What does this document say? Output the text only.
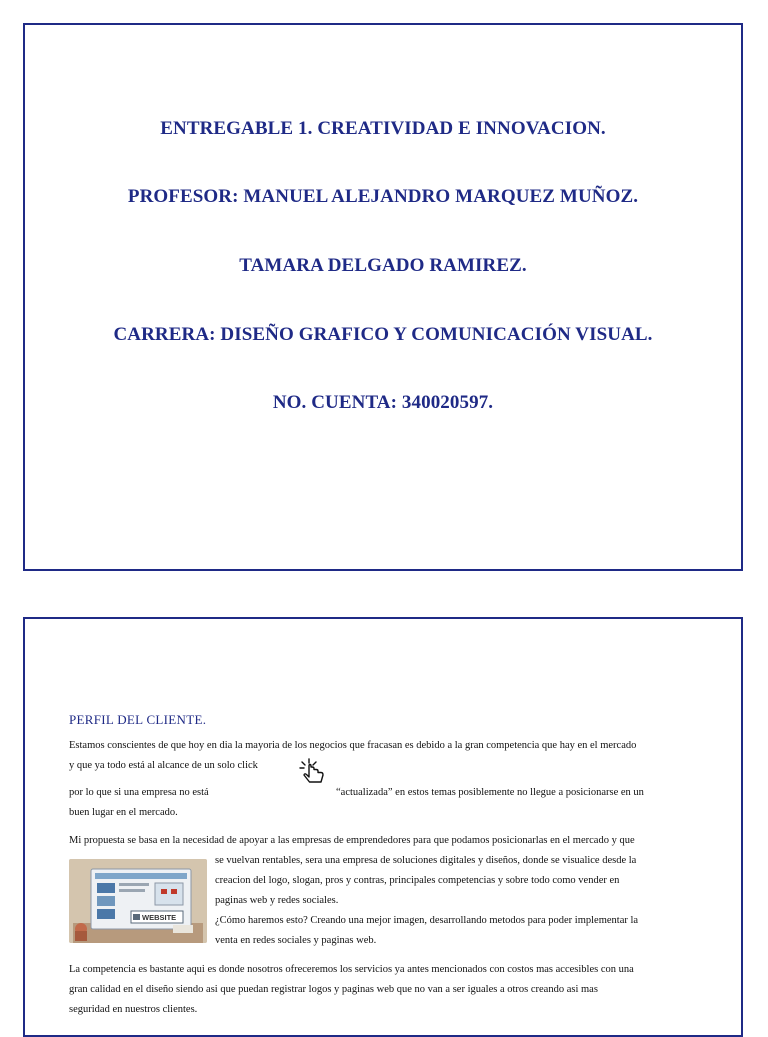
ENTREGABLE 1. CREATIVIDAD E INNOVACION.
PROFESOR: MANUEL ALEJANDRO MARQUEZ MUÑOZ.
TAMARA DELGADO RAMIREZ.
CARRERA: DISEÑO GRAFICO Y COMUNICACIÓN VISUAL.
NO. CUENTA: 340020597.
PERFIL DEL CLIENTE.
Estamos conscientes de que hoy en dia la mayoria de los negocios que fracasan es debido a la gran competencia que hay en el mercado
y que ya todo está al alcance de un solo click
por lo que si una empresa no está	“actualizada” en estos temas posiblemente no llegue a posicionarse en un
buen lugar en el mercado.
Mi propuesta se basa en la necesidad de apoyar a las empresas de emprendedores para que podamos posicionarlas en el mercado y que
WEBSITE
se vuelvan rentables, sera una empresa de soluciones digitales y diseños, donde se visualice desde la
creacion del logo, slogan, pros y contras, principales competencias y sobre todo como vender en
paginas web y redes sociales.
¿Cómo haremos esto? Creando una mejor imagen, desarrollando metodos para poder implementar la
venta en redes sociales y paginas web.
La competencia es bastante aqui es donde nosotros ofreceremos los servicios ya antes mencionados con costos mas accesibles con una
gran calidad en el diseño siendo asi que puedan registrar logos y paginas web que no van a ser iguales a otros creando asi mas
seguridad en nuestros clientes.
